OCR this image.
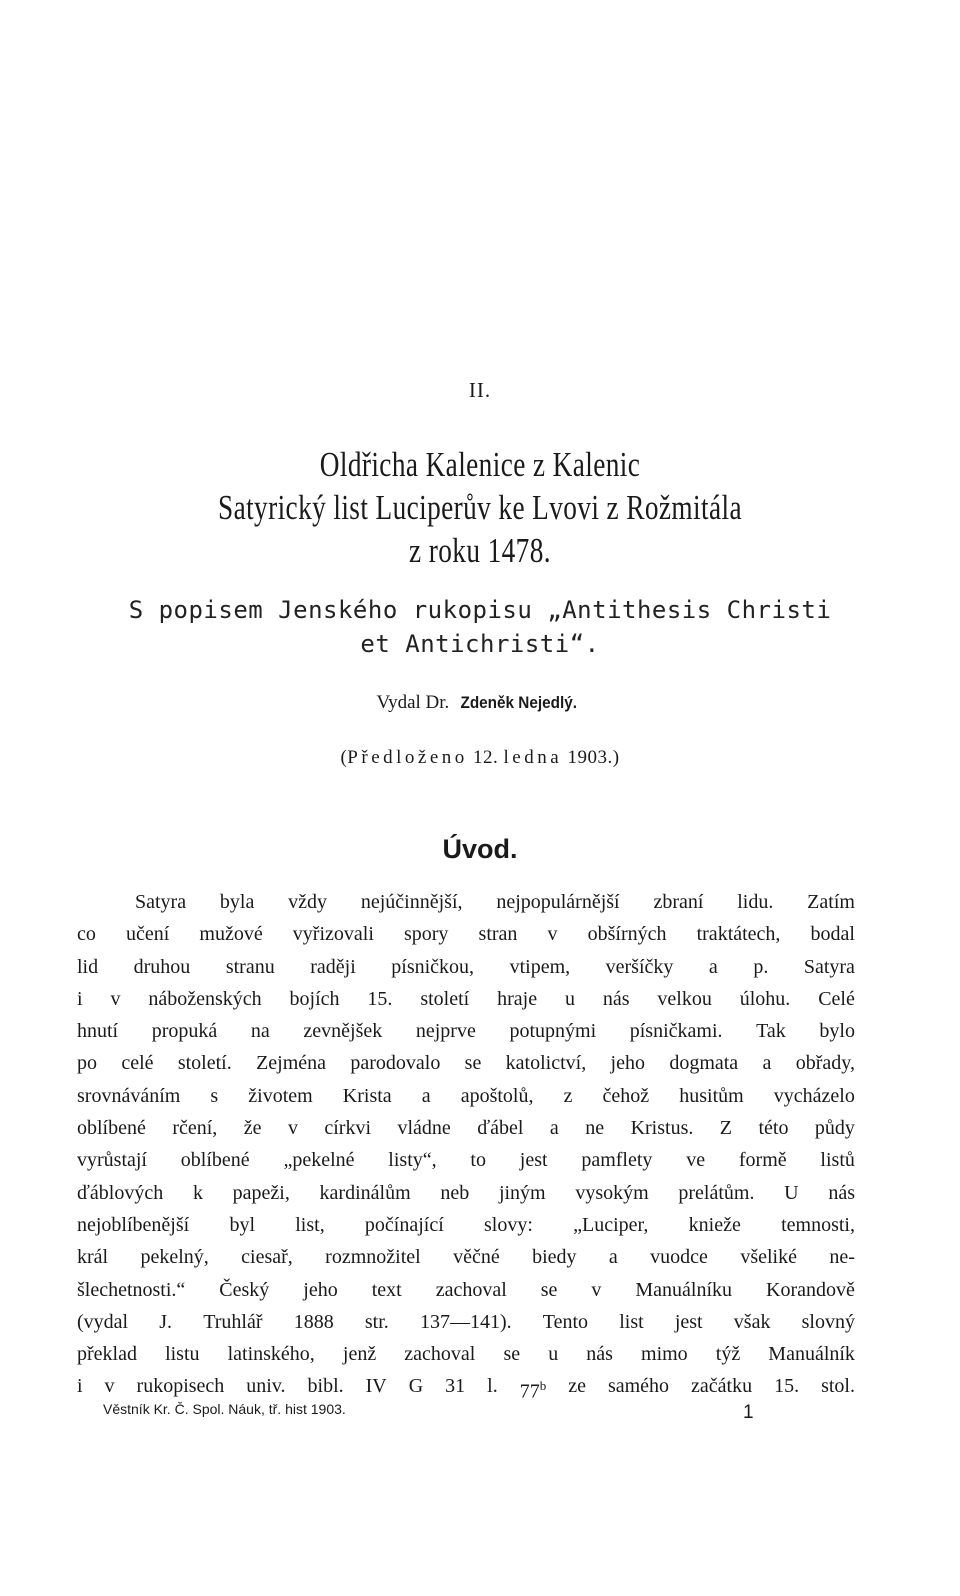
II.
Oldřicha Kalenice z Kalenic
Satyrický list Luciperův ke Lvovi z Rožmitála
z roku 1478.
S popisem Jenského rukopisu „Antithesis Christi
et Antichristi“.
Vydal Dr. Zdeněk Nejedlý.
(Předloženo 12. ledna 1903.)
Úvod.
Satyra byla vždy nejúčinnější, nejpopulárnější zbraní lidu. Zatím
co učení mužové vyřizovali spory stran v obšírných traktátech, bodal
lid druhou stranu raději písničkou, vtipem, veršíčky a p. Satyra
i v náboženských bojích 15. století hraje u nás velkou úlohu. Celé
hnutí propuká na zevnějšek nejprve potupnými písničkami. Tak bylo
po celé století. Zejména parodovalo se katolictví, jeho dogmata a obřady,
srovnáváním s životem Krista a apoštolů, z čehož husitům vycházelo
oblíbené rčení, že v církvi vládne ďábel a ne Kristus. Z této půdy
vyrůstají oblíbené „pekelné listy“, to jest pamflety ve formě listů
ďáblových k papeži, kardinálům neb jiným vysokým prelátům. U nás
nejoblíbenější byl list, počínající slovy: „Luciper, knieže temnosti,
král pekelný, ciesař, rozmnožitel věčné biedy a vuodce všeliké ne-
šlechetnosti.“ Český jeho text zachoval se v Manuálníku Korandově
(vydal J. Truhlář 1888 str. 137—141). Tento list jest však slovný
překlad listu latinského, jenž zachoval se u nás mimo týž Manuálník
i v rukopisech univ. bibl. IV G 31 l. 77$^b$ ze samého začátku 15. stol.
Věstník Kr. Č. Spol. Náuk, tř. hist 1903.	1
